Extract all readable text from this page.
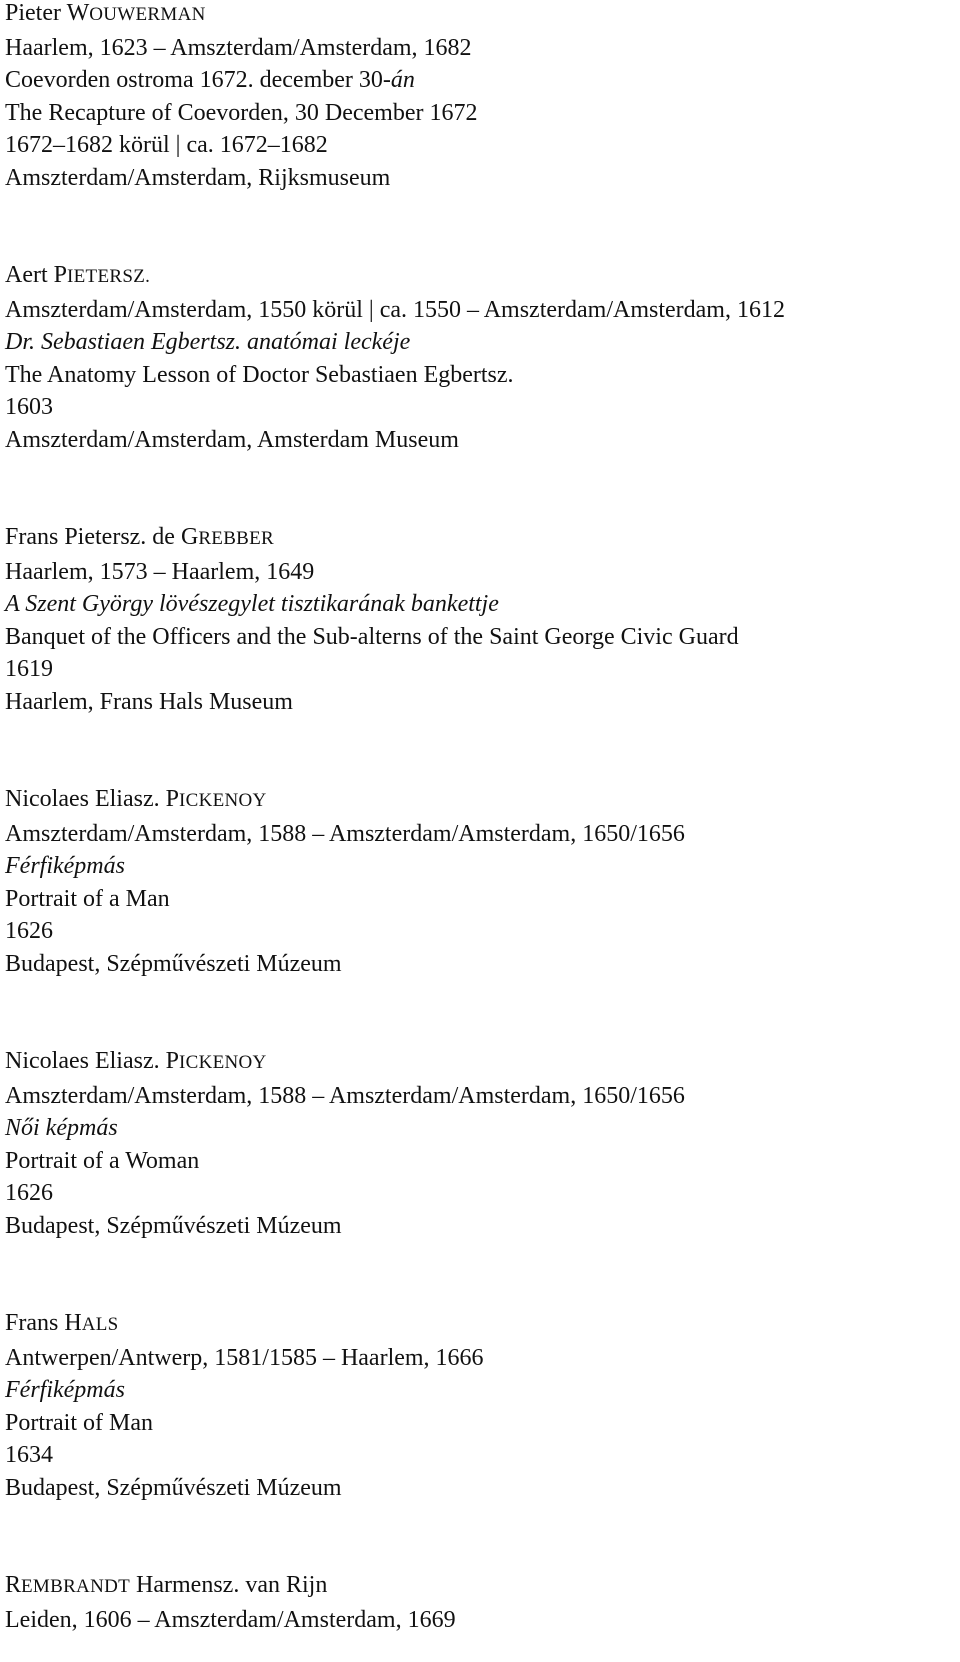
Pieter WOUWERMAN
Haarlem, 1623 – Amszterdam/Amsterdam, 1682
Coevorden ostroma 1672. december 30-án
The Recapture of Coevorden, 30 December 1672
1672–1682 körül | ca. 1672–1682
Amszterdam/Amsterdam, Rijksmuseum
Aert PIETERSZ.
Amszterdam/Amsterdam, 1550 körül | ca. 1550 – Amszterdam/Amsterdam, 1612
Dr. Sebastiaen Egbertsz. anatómai leckéje
The Anatomy Lesson of Doctor Sebastiaen Egbertsz.
1603
Amszterdam/Amsterdam, Amsterdam Museum
Frans Pietersz. de GREBBER
Haarlem, 1573 – Haarlem, 1649
A Szent György lövészegylet tisztikarának bankettje
Banquet of the Officers and the Sub-alterns of the Saint George Civic Guard
1619
Haarlem, Frans Hals Museum
Nicolaes Eliasz. PICKENOY
Amszterdam/Amsterdam, 1588 – Amszterdam/Amsterdam, 1650/1656
Férfiképmás
Portrait of a Man
1626
Budapest, Szépművészeti Múzeum
Nicolaes Eliasz. PICKENOY
Amszterdam/Amsterdam, 1588 – Amszterdam/Amsterdam, 1650/1656
Női képmás
Portrait of a Woman
1626
Budapest, Szépművészeti Múzeum
Frans HALS
Antwerpen/Antwerp, 1581/1585 – Haarlem, 1666
Férfiképmás
Portrait of Man
1634
Budapest, Szépművészeti Múzeum
REMBRANDT Harmensz. van Rijn
Leiden, 1606 – Amszterdam/Amsterdam, 1669
